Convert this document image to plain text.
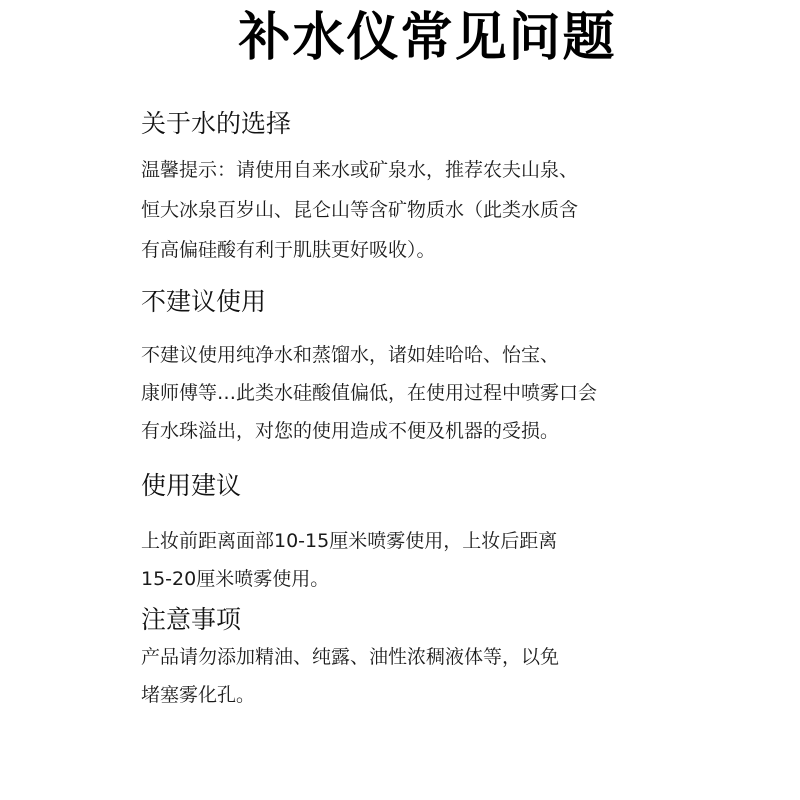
补水仪常见问题
关于水的选择
温馨提示：请使用自来水或矿泉水，推荐农夫山泉、
恒大冰泉百岁山、昆仑山等含矿物质水（此类水质含
有高偏硅酸有利于肌肤更好吸收）。
不建议使用
不建议使用纯净水和蒸馏水，诸如娃哈哈、怡宝、
康师傅等…此类水硅酸值偏低，在使用过程中喷雾口会
有水珠溢出，对您的使用造成不便及机器的受损。
使用建议
上妆前距离面部10-15厘米喷雾使用，上妆后距离
15-20厘米喷雾使用。
注意事项
产品请勿添加精油、纯露、油性浓稠液体等，以免
堵塞雾化孔。
